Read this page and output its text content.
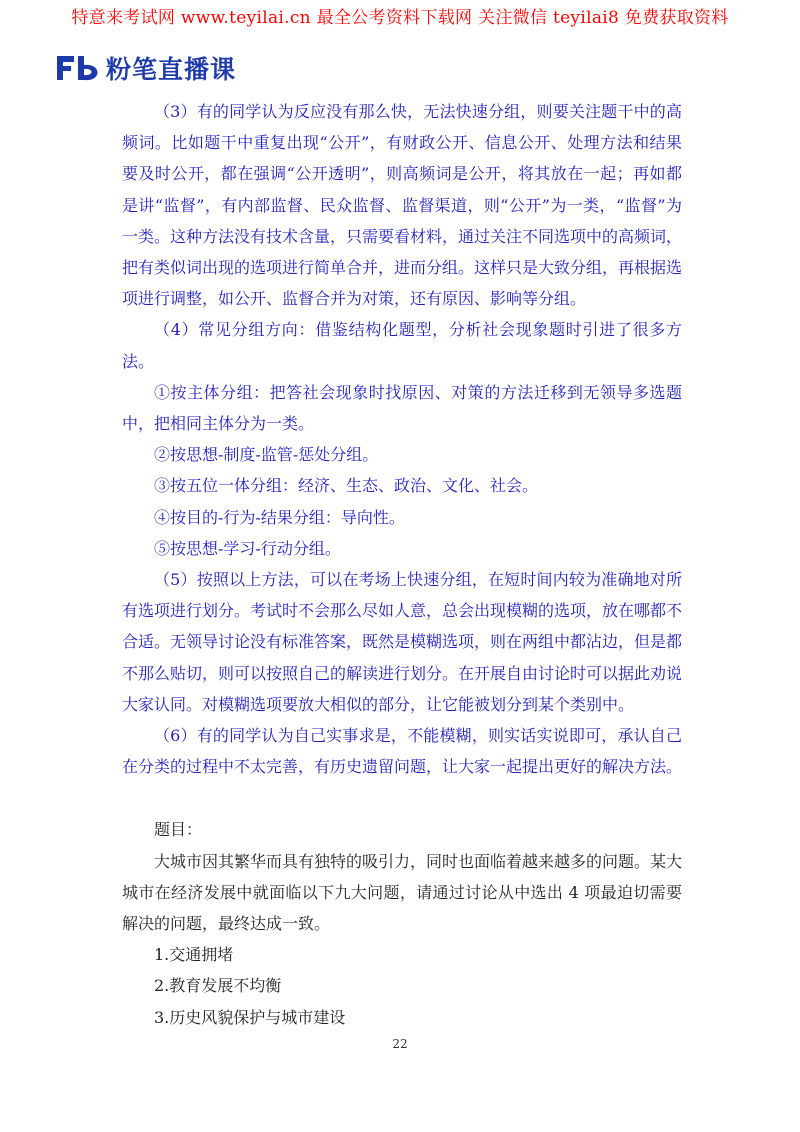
特意来考试网 www.teyilai.cn 最全公考资料下载网 关注微信 teyilai8 免费获取资料
粉笔直播课

（3）有的同学认为反应没有那么快，无法快速分组，则要关注题干中的高频词。比如题干中重复出现“公开”，有财政公开、信息公开、处理方法和结果要及时公开，都在强调“公开透明”，则高频词是公开，将其放在一起；再如都是讲“监督”，有内部监督、民众监督、监督渠道，则“公开”为一类，“监督”为一类。这种方法没有技术含量，只需要看材料，通过关注不同选项中的高频词，把有类似词出现的选项进行简单合并，进而分组。这样只是大致分组，再根据选项进行调整，如公开、监督合并为对策，还有原因、影响等分组。

（4）常见分组方向：借鉴结构化题型，分析社会现象题时引进了很多方法。

①按主体分组：把答社会现象时找原因、对策的方法迁移到无领导多选题中，把相同主体分为一类。

②按思想-制度-监管-惩处分组。

③按五位一体分组：经济、生态、政治、文化、社会。

④按目的-行为-结果分组：导向性。

⑤按思想-学习-行动分组。

（5）按照以上方法，可以在考场上快速分组，在短时间内较为准确地对所有选项进行划分。考试时不会那么尽如人意，总会出现模糊的选项，放在哪都不合适。无领导讨论没有标准答案，既然是模糊选项，则在两组中都沾边，但是都不那么贴切，则可以按照自己的解读进行划分。在开展自由讨论时可以据此劝说大家认同。对模糊选项要放大相似的部分，让它能被划分到某个类别中。

（6）有的同学认为自己实事求是，不能模糊，则实话实说即可，承认自己在分类的过程中不太完善，有历史遗留问题，让大家一起提出更好的解决方法。

题目：

大城市因其繁华而具有独特的吸引力，同时也面临着越来越多的问题。某大城市在经济发展中就面临以下九大问题，请通过讨论从中选出 4 项最迫切需要解决的问题，最终达成一致。

1.交通拥堵

2.教育发展不均衡

3.历史风貌保护与城市建设

22
